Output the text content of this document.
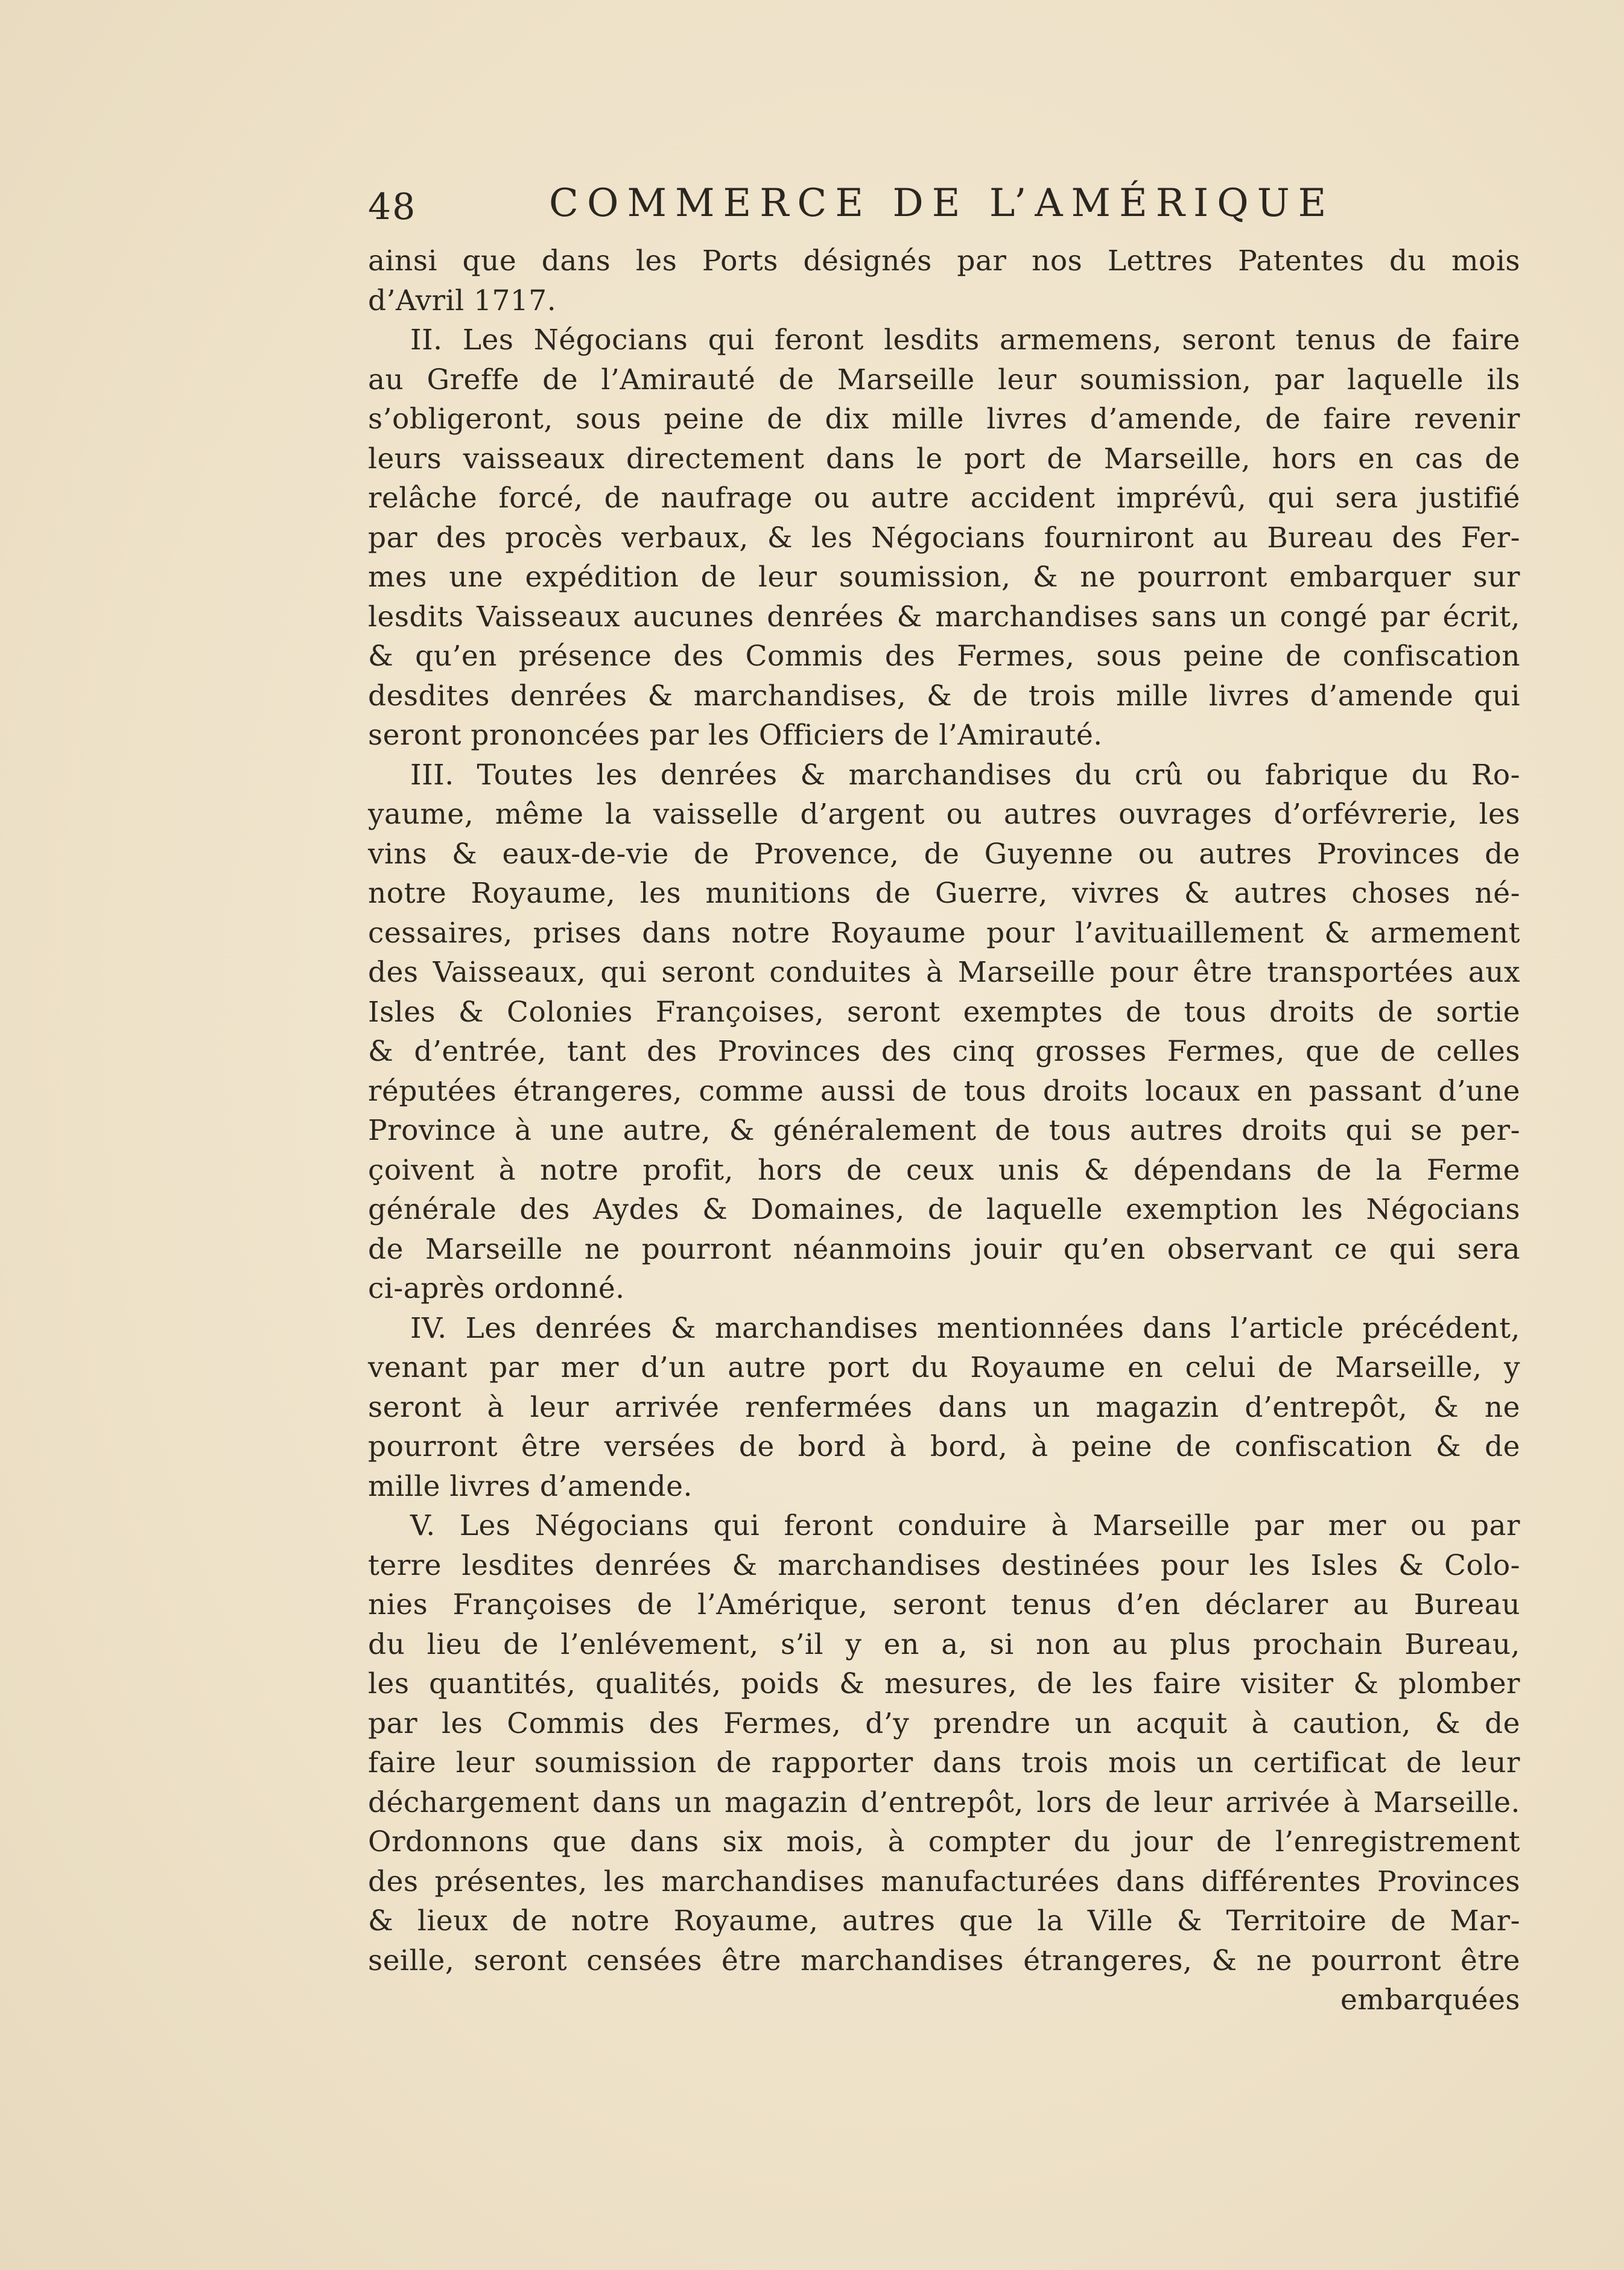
48	COMMERCE DE L’AMÉRIQUE
ainsi que dans les Ports désignés par nos Lettres Patentes du mois
d’Avril 1717.
II. Les Négocians qui feront lesdits armemens, seront tenus de faire
au Greffe de l’Amirauté de Marseille leur soumission, par laquelle ils
s’obligeront, sous peine de dix mille livres d’amende, de faire revenir
leurs vaisseaux directement dans le port de Marseille, hors en cas de
relâche forcé, de naufrage ou autre accident imprévû, qui sera justifié
par des procès verbaux, & les Négocians fourniront au Bureau des Fer-
mes une expédition de leur soumission, & ne pourront embarquer sur
lesdits Vaisseaux aucunes denrées & marchandises sans un congé par écrit,
& qu’en présence des Commis des Fermes, sous peine de confiscation
desdites denrées & marchandises, & de trois mille livres d’amende qui
seront prononcées par les Officiers de l’Amirauté.
III. Toutes les denrées & marchandises du crû ou fabrique du Ro-
yaume, même la vaisselle d’argent ou autres ouvrages d’orfévrerie, les
vins & eaux-de-vie de Provence, de Guyenne ou autres Provinces de
notre Royaume, les munitions de Guerre, vivres & autres choses né-
cessaires, prises dans notre Royaume pour l’avituaillement & armement
des Vaisseaux, qui seront conduites à Marseille pour être transportées aux
Isles & Colonies Françoises, seront exemptes de tous droits de sortie
& d’entrée, tant des Provinces des cinq grosses Fermes, que de celles
réputées étrangeres, comme aussi de tous droits locaux en passant d’une
Province à une autre, & généralement de tous autres droits qui se per-
çoivent à notre profit, hors de ceux unis & dépendans de la Ferme
générale des Aydes & Domaines, de laquelle exemption les Négocians
de Marseille ne pourront néanmoins jouir qu’en observant ce qui sera
ci-après ordonné.
IV. Les denrées & marchandises mentionnées dans l’article précédent,
venant par mer d’un autre port du Royaume en celui de Marseille, y
seront à leur arrivée renfermées dans un magazin d’entrepôt, & ne
pourront être versées de bord à bord, à peine de confiscation & de
mille livres d’amende.
V. Les Négocians qui feront conduire à Marseille par mer ou par
terre lesdites denrées & marchandises destinées pour les Isles & Colo-
nies Françoises de l’Amérique, seront tenus d’en déclarer au Bureau
du lieu de l’enlévement, s’il y en a, si non au plus prochain Bureau,
les quantités, qualités, poids & mesures, de les faire visiter & plomber
par les Commis des Fermes, d’y prendre un acquit à caution, & de
faire leur soumission de rapporter dans trois mois un certificat de leur
déchargement dans un magazin d’entrepôt, lors de leur arrivée à Marseille.
Ordonnons que dans six mois, à compter du jour de l’enregistrement
des présentes, les marchandises manufacturées dans différentes Provinces
& lieux de notre Royaume, autres que la Ville & Territoire de Mar-
seille, seront censées être marchandises étrangeres, & ne pourront être
embarquées
